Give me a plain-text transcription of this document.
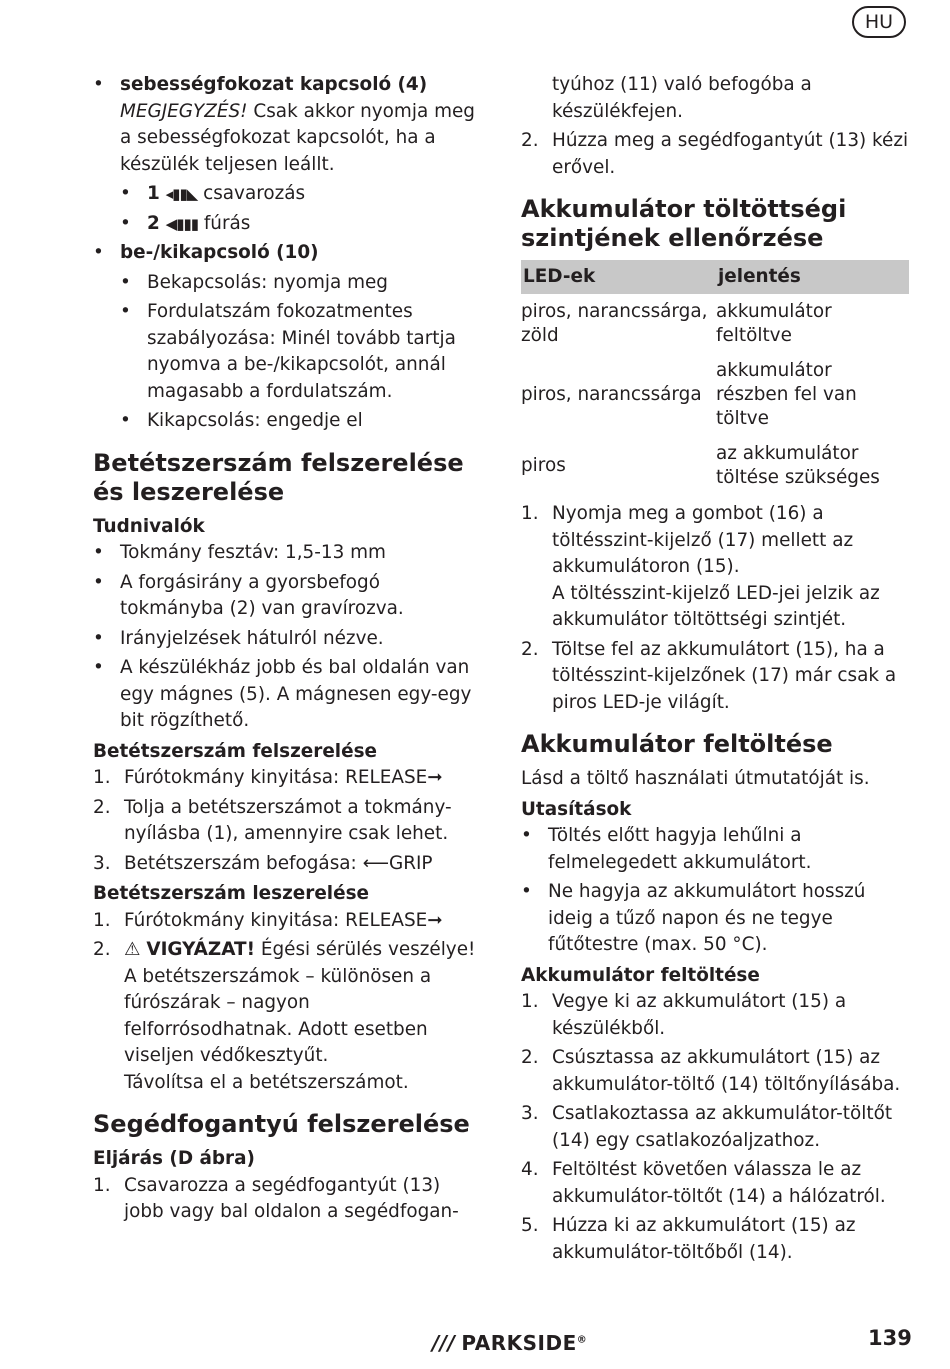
HU
• sebességfokozat kapcsoló (4)
MEGJEGYZÉS! Csak akkor nyomja meg a sebességfokozat kapcsolót, ha a készülék teljesen leállt.
• 1 ◂▮▮◣ csavarozás
• 2 ◀▮▮▮ fúrás
• be-/kikapcsoló (10)
• Bekapcsolás: nyomja meg
• Fordulatszám fokozatmentes szabályozása: Minél tovább tartja nyomva a be-/kikapcsolót, annál magasabb a fordulatszám.
• Kikapcsolás: engedje el
Betétszerszám felszerelése és leszerelése
Tudnivalók
• Tokmány fesztáv: 1,5-13 mm
• A forgásirány a gyorsbefogó tokmányba (2) van gravírozva.
• Irányjelzések hátulról nézve.
• A készülékház jobb és bal oldalán van egy mágnes (5). A mágnesen egy-egy bit rögzíthető.
Betétszerszám felszerelése
1. Fúrótokmány kinyitása: RELEASE➞
2. Tolja a betétszerszámot a tokmány-nyílásba (1), amennyire csak lehet.
3. Betétszerszám befogása: ⟵GRIP
Betétszerszám leszerelése
1. Fúrótokmány kinyitása: RELEASE➞
2. ⚠ VIGYÁZAT! Égési sérülés veszélye! A betétszerszámok – különösen a fúrószárak – nagyon felforrósodhatnak. Adott esetben viseljen védőkesztyűt.
Távolítsa el a betétszerszámot.
Segédfogantyú felszerelése
Eljárás (D ábra)
1. Csavarozza a segédfogantyút (13) jobb vagy bal oldalon a segédfogan-
tyúhoz (11) való befogóba a készülékfejen.
2. Húzza meg a segédfogantyút (13) kézi erővel.
Akkumulátor töltöttségi szintjének ellenőrzése
LED-ek	jelentés
piros, narancssárga, zöld	akkumulátor feltöltve
piros, narancssárga	akkumulátor részben fel van töltve
piros	az akkumulátor töltése szükséges
1. Nyomja meg a gombot (16) a töltésszint-kijelző (17) mellett az akkumulátoron (15).
A töltésszint-kijelző LED-jei jelzik az akkumulátor töltöttségi szintjét.
2. Töltse fel az akkumulátort (15), ha a töltésszint-kijelzőnek (17) már csak a piros LED-je világít.
Akkumulátor feltöltése

Lásd a töltő használati útmutatóját is.

Utasítások
• Töltés előtt hagyja lehűlni a felmelegedett akkumulátort.
• Ne hagyja az akkumulátort hosszú ideig a tűző napon és ne tegye fűtőtestre (max. 50 °C).
Akkumulátor feltöltése
1. Vegye ki az akkumulátort (15) a készülékből.
2. Csúsztassa az akkumulátort (15) az akkumulátor-töltő (14) töltőnyílásába.
3. Csatlakoztassa az akkumulátor-töltőt (14) egy csatlakozóaljzathoz.
4. Feltöltést követően válassza le az akkumulátor-töltőt (14) a hálózatról.
5. Húzza ki az akkumulátort (15) az akkumulátor-töltőből (14).
/// PARKSIDE®	139
